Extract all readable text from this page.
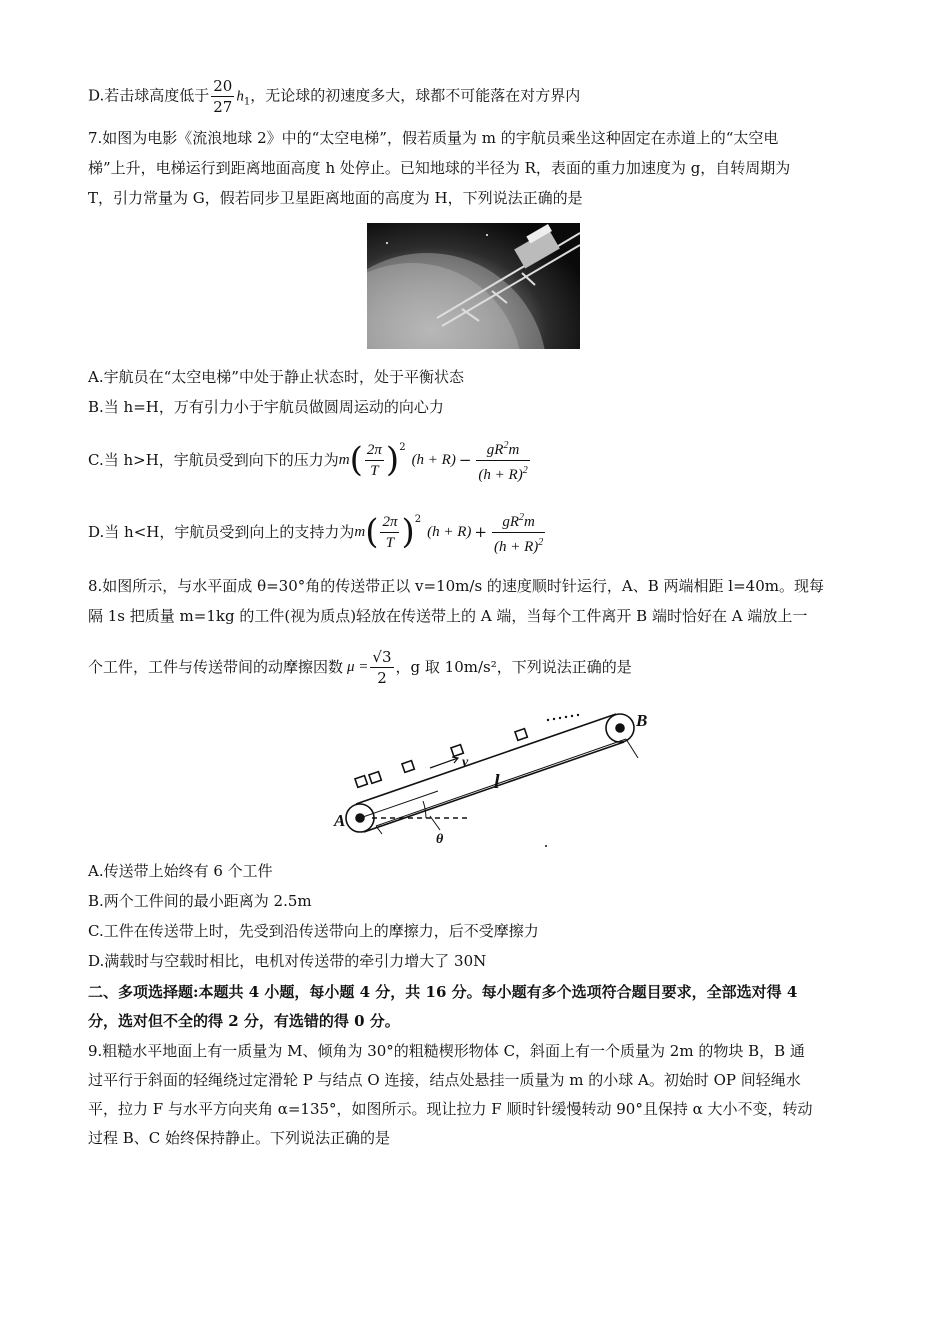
D.若击球高度低于 $\frac{20}{27} h_1$，无论球的初速度多大，球都不可能落在对方界内
7.如图为电影《流浪地球 2》中的“太空电梯”，假若质量为 m 的宇航员乘坐这种固定在赤道上的“太空电
梯”上升，电梯运行到距离地面高度 h 处停止。已知地球的半径为 R，表面的重力加速度为 g，自转周期为
T，引力常量为 G，假若同步卫星距离地面的高度为 H，下列说法正确的是
A.宇航员在“太空电梯”中处于静止状态时，处于平衡状态
B.当 h=H，万有引力小于宇航员做圆周运动的向心力
C.当 h>H，宇航员受到向下的压力为 m ( $\frac{2\pi}{T} )^2$
$(h + R) - \frac{gR^2m}{(h + R)^2}$
D.当 h<H，宇航员受到向上的支持力为 m ( $\frac{2\pi}{T} )^2$
$(h + R) + \frac{gR^2m}{(h + R)^2}$
8.如图所示，与水平面成 θ=30°角的传送带正以 v=10m/s 的速度顺时针运行，A、B 两端相距 l=40m。现每
隔 1s 把质量 m=1kg 的工件(视为质点)轻放在传送带上的 A 端，当每个工件离开 B 端时恰好在 A 端放上一
个工件，工件与传送带间的动摩擦因数 $\mu = \frac{√3}{2}$ ，g 取 10m/s²，下列说法正确的是
A
B
v
l
θ
A.传送带上始终有 6 个工件
B.两个工件间的最小距离为 2.5m
C.工件在传送带上时，先受到沿传送带向上的摩擦力，后不受摩擦力
D.满载时与空载时相比，电机对传送带的牵引力增大了 30N
二、多项选择题:本题共 4 小题，每小题 4 分，共 16 分。每小题有多个选项符合题目要求，全部选对得 4
分，选对但不全的得 2 分，有选错的得 0 分。
9.粗糙水平地面上有一质量为 M、倾角为 30°的粗糙楔形物体 C，斜面上有一个质量为 2m 的物块 B，B 通
过平行于斜面的轻绳绕过定滑轮 P 与结点 O 连接，结点处悬挂一质量为 m 的小球 A。初始时 OP 间轻绳水
平，拉力 F 与水平方向夹角 α=135°，如图所示。现让拉力 F 顺时针缓慢转动 90°且保持 α 大小不变，转动
过程 B、C 始终保持静止。下列说法正确的是
